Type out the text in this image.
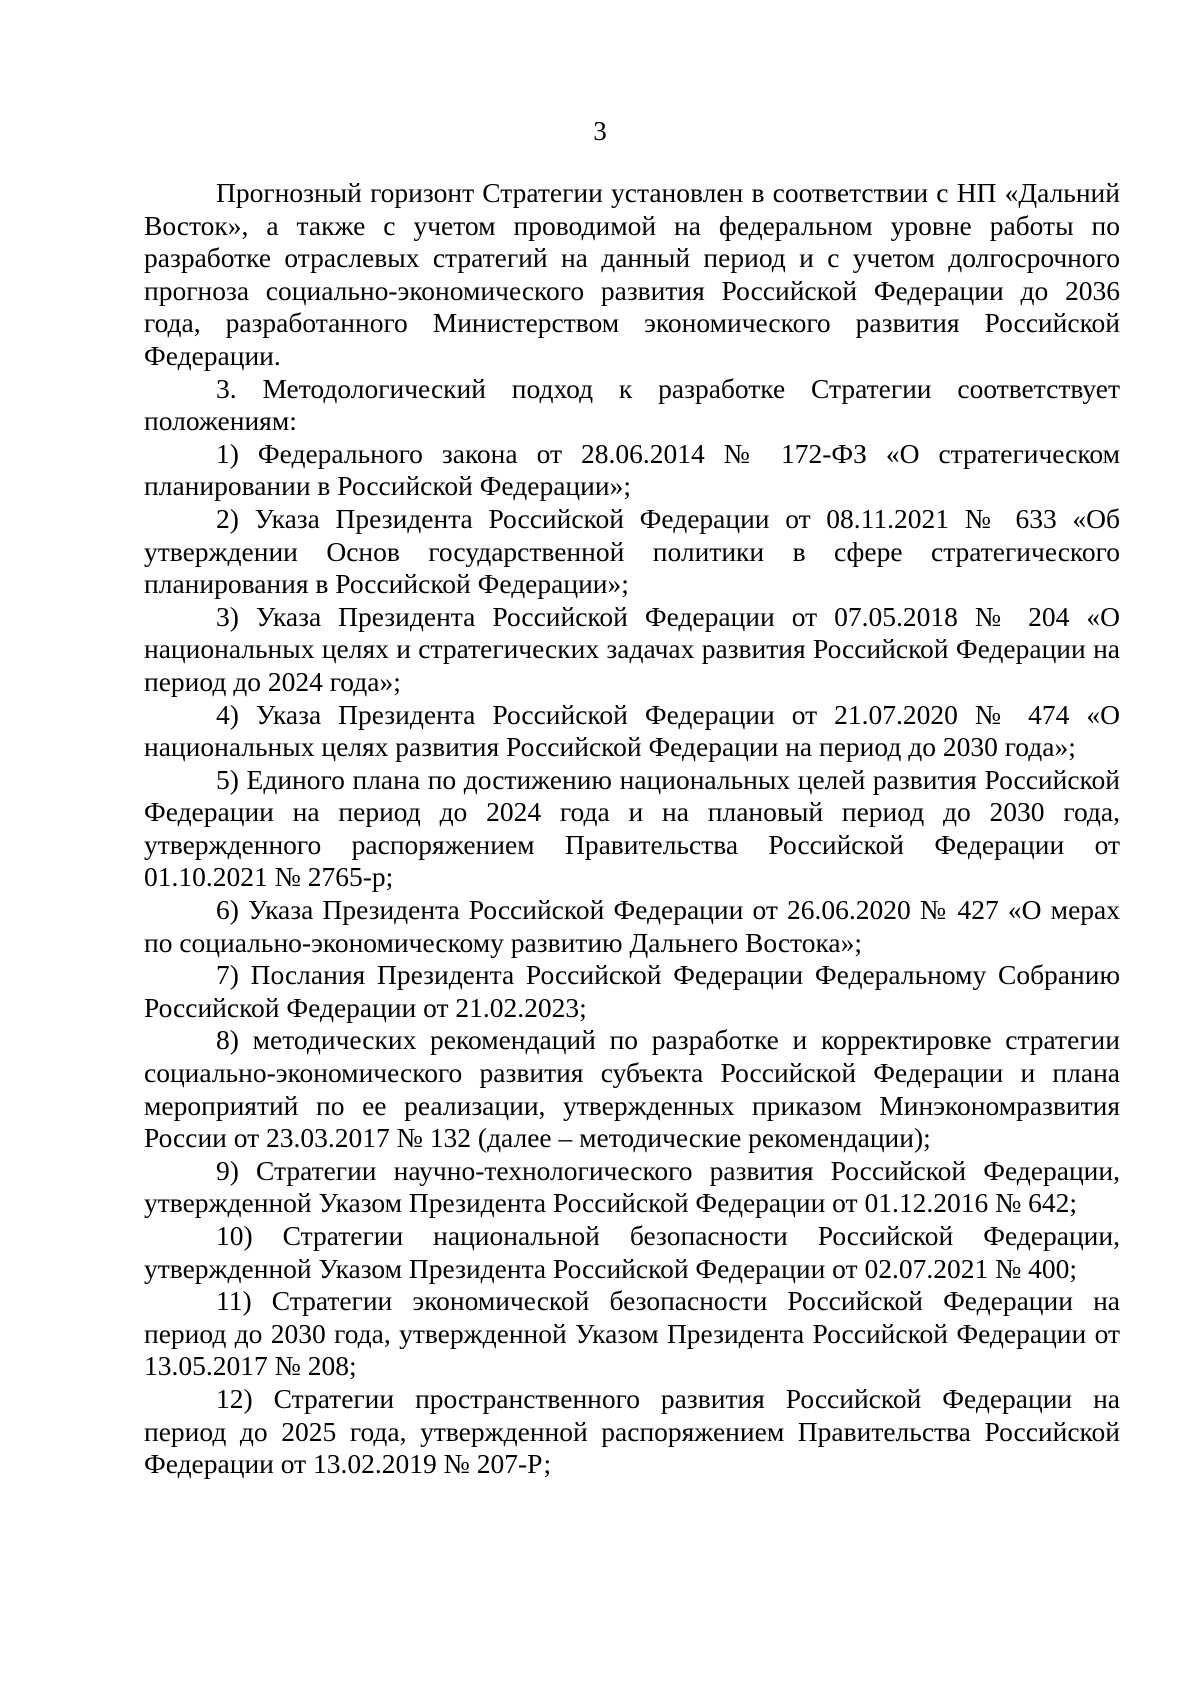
3

Прогнозный горизонт Стратегии установлен в соответствии с НП «Дальний Восток», а также с учетом проводимой на федеральном уровне работы по разработке отраслевых стратегий на данный период и с учетом долгосрочного прогноза социально-экономического развития Российской Федерации до 2036 года, разработанного Министерством экономического развития Российской Федерации.

3. Методологический подход к разработке Стратегии соответствует положениям:

1) Федерального закона от 28.06.2014 № 172-ФЗ «О стратегическом планировании в Российской Федерации»;

2) Указа Президента Российской Федерации от 08.11.2021 № 633 «Об утверждении Основ государственной политики в сфере стратегического планирования в Российской Федерации»;

3) Указа Президента Российской Федерации от 07.05.2018 № 204 «О национальных целях и стратегических задачах развития Российской Федерации на период до 2024 года»;

4) Указа Президента Российской Федерации от 21.07.2020 № 474 «О национальных целях развития Российской Федерации на период до 2030 года»;

5) Единого плана по достижению национальных целей развития Российской Федерации на период до 2024 года и на плановый период до 2030 года, утвержденного распоряжением Правительства Российской Федерации от 01.10.2021 № 2765-р;

6) Указа Президента Российской Федерации от 26.06.2020 № 427 «О мерах по социально-экономическому развитию Дальнего Востока»;

7) Послания Президента Российской Федерации Федеральному Собранию Российской Федерации от 21.02.2023;

8) методических рекомендаций по разработке и корректировке стратегии социально-экономического развития субъекта Российской Федерации и плана мероприятий по ее реализации, утвержденных приказом Минэкономразвития России от 23.03.2017 № 132 (далее – методические рекомендации);

9) Стратегии научно-технологического развития Российской Федерации, утвержденной Указом Президента Российской Федерации от 01.12.2016 № 642;

10) Стратегии национальной безопасности Российской Федерации, утвержденной Указом Президента Российской Федерации от 02.07.2021 № 400;

11) Стратегии экономической безопасности Российской Федерации на период до 2030 года, утвержденной Указом Президента Российской Федерации от 13.05.2017 № 208;

12) Стратегии пространственного развития Российской Федерации на период до 2025 года, утвержденной распоряжением Правительства Российской Федерации от 13.02.2019 № 207-Р;
